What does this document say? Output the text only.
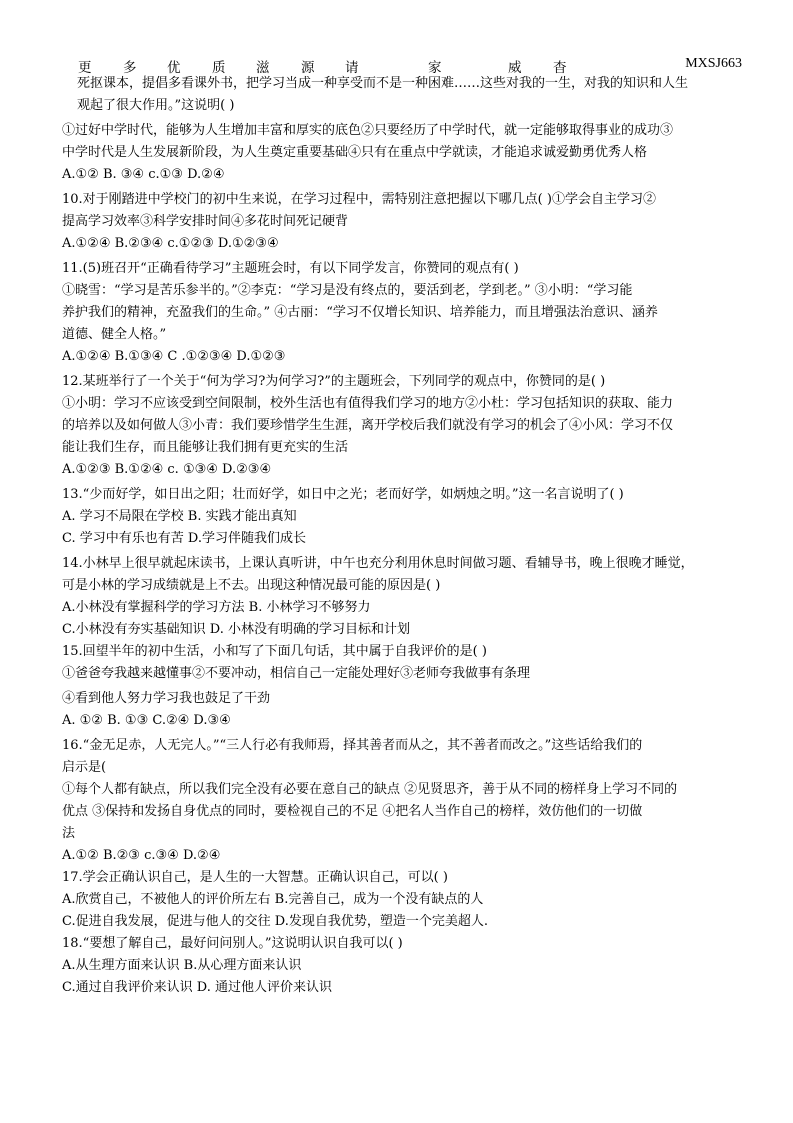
更 多 优 质 滋 源 请	家	威 杳	MXSJ663
死抠课本，提倡多看课外书，把学习当成一种享受而不是一种困难……这些对我的一生，对我的知识和人生
观起了很大作用。”这说明( )
①过好中学时代，能够为人生增加丰富和厚实的底色②只要经历了中学时代，就一定能够取得事业的成功③
中学时代是人生发展新阶段，为人生奠定重要基础④只有在重点中学就读，才能追求诚爱勤勇优秀人格
A.①② B. ③④ c.①③ D.②④
10.对于刚踏进中学校门的初中生来说，在学习过程中，需特别注意把握以下哪几点( )①学会自主学习②
提高学习效率③科学安排时间④多花时间死记硬背
A.①②④ B.②③④ c.①②③ D.①②③④
11.(5)班召开“正确看待学习”主题班会时，有以下同学发言，你赞同的观点有( )
①晓雪：“学习是苦乐参半的。”②李克：“学习是没有终点的，要活到老，学到老。” ③小明：“学习能
养护我们的精神，充盈我们的生命。” ④古丽：“学习不仅增长知识、培养能力，而且增强法治意识、涵养
道德、健全人格。”
A.①②④ B.①③④ C .①②③④ D.①②③
12.某班举行了一个关于“何为学习?为何学习?”的主题班会，下列同学的观点中，你赞同的是( )
①小明：学习不应该受到空间限制，校外生活也有值得我们学习的地方②小杜：学习包括知识的获取、能力
的培养以及如何做人③小青：我们要珍惜学生生涯，离开学校后我们就没有学习的机会了④小风：学习不仅
能让我们生存，而且能够让我们拥有更充实的生活
A.①②③ B.①②④ c. ①③④ D.②③④
13.“少而好学，如日出之阳；壮而好学，如日中之光；老而好学，如炳烛之明。”这一名言说明了( )
A. 学习不局限在学校 B. 实践才能出真知
C. 学习中有乐也有苦 D.学习伴随我们成长
14.小林早上很早就起床读书，上课认真听讲，中午也充分利用休息时间做习题、看辅导书，晚上很晚才睡觉，
可是小林的学习成绩就是上不去。出现这种情况最可能的原因是( )
A.小林没有掌握科学的学习方法 B. 小林学习不够努力
C.小林没有夯实基础知识 D. 小林没有明确的学习目标和计划
15.回望半年的初中生活，小和写了下面几句话，其中属于自我评价的是( )
①爸爸夸我越来越懂事②不要冲动，相信自己一定能处理好③老师夸我做事有条理
④看到他人努力学习我也鼓足了干劲
A. ①② B. ①③ C.②④ D.③④
16.“金无足赤，人无完人。”“三人行必有我师焉，择其善者而从之，其不善者而改之。”这些话给我们的
启示是(
①每个人都有缺点，所以我们完全没有必要在意自己的缺点 ②见贤思齐，善于从不同的榜样身上学习不同的
优点 ③保持和发扬自身优点的同时，要检视自己的不足 ④把名人当作自己的榜样，效仿他们的一切做
法
A.①② B.②③ c.③④ D.②④
17.学会正确认识自己，是人生的一大智慧。正确认识自己，可以( )
A.欣赏自己，不被他人的评价所左右 B.完善自己，成为一个没有缺点的人
C.促进自我发展，促进与他人的交往 D.发现自我优势，塑造一个完美超人.
18.“要想了解自己，最好问问别人。”这说明认识自我可以( )
A.从生理方面来认识 B.从心理方面来认识
C.通过自我评价来认识 D. 通过他人评价来认识
